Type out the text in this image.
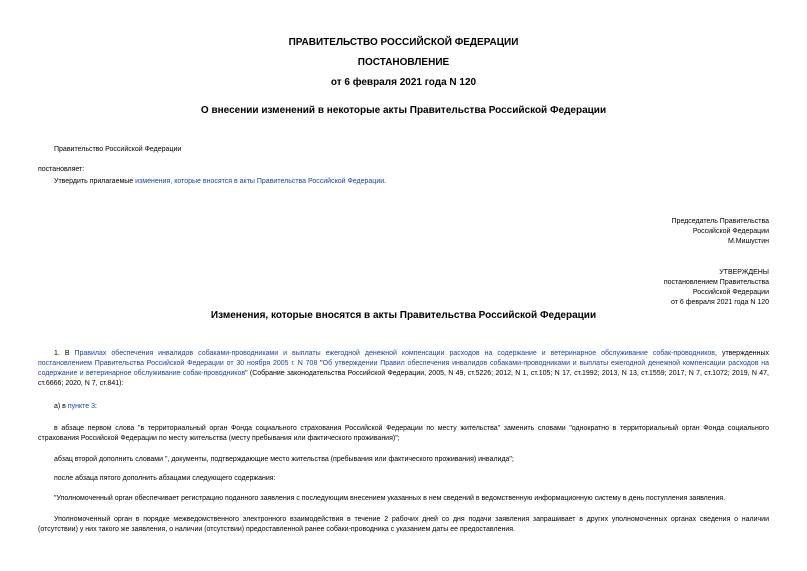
ПРАВИТЕЛЬСТВО РОССИЙСКОЙ ФЕДЕРАЦИИ
ПОСТАНОВЛЕНИЕ
от 6 февраля 2021 года N 120
О внесении изменений в некоторые акты Правительства Российской Федерации
Правительство Российской Федерации
постановляет:
Утвердить прилагаемые изменения, которые вносятся в акты Правительства Российской Федерации.
Председатель Правительства
Российской Федерации
М.Мишустин
УТВЕРЖДЕНЫ
постановлением Правительства
Российской Федерации
от 6 февраля 2021 года N 120
Изменения, которые вносятся в акты Правительства Российской Федерации
1. В Правилах обеспечения инвалидов собаками-проводниками и выплаты ежегодной денежной компенсации расходов на содержание и ветеринарное обслуживание собак-проводников, утвержденных постановлением Правительства Российской Федерации от 30 ноября 2005 г. N 708 "Об утверждении Правил обеспечения инвалидов собаками-проводниками и выплаты ежегодной денежной компенсации расходов на содержание и ветеринарное обслуживание собак-проводников" (Собрание законодательства Российской Федерации, 2005, N 49, ст.5226; 2012, N 1, ст.105; N 17, ст.1992; 2013, N 13, ст.1559; 2017, N 7, ст.1072; 2019, N 47, ст.6666; 2020, N 7, ст.841):
а) в пункте 3:
в абзаце первом слова "в территориальный орган Фонда социального страхования Российской Федерации по месту жительства" заменить словами "однократно в территориальный орган Фонда социального страхования Российской Федерации по месту жительства (месту пребывания или фактического проживания)";
абзац второй дополнить словами ", документы, подтверждающие место жительства (пребывания или фактического проживания) инвалида";
после абзаца пятого дополнить абзацами следующего содержания:
"Уполномоченный орган обеспечивает регистрацию поданного заявления с последующим внесением указанных в нем сведений в ведомственную информационную систему в день поступления заявления.
Уполномоченный орган в порядке межведомственного электронного взаимодействия в течение 2 рабочих дней со дня подачи заявления запрашивает в других уполномоченных органах сведения о наличии (отсутствии) у них такого же заявления, о наличии (отсутствии) предоставленной ранее собаки-проводника с указанием даты ее предоставления.
